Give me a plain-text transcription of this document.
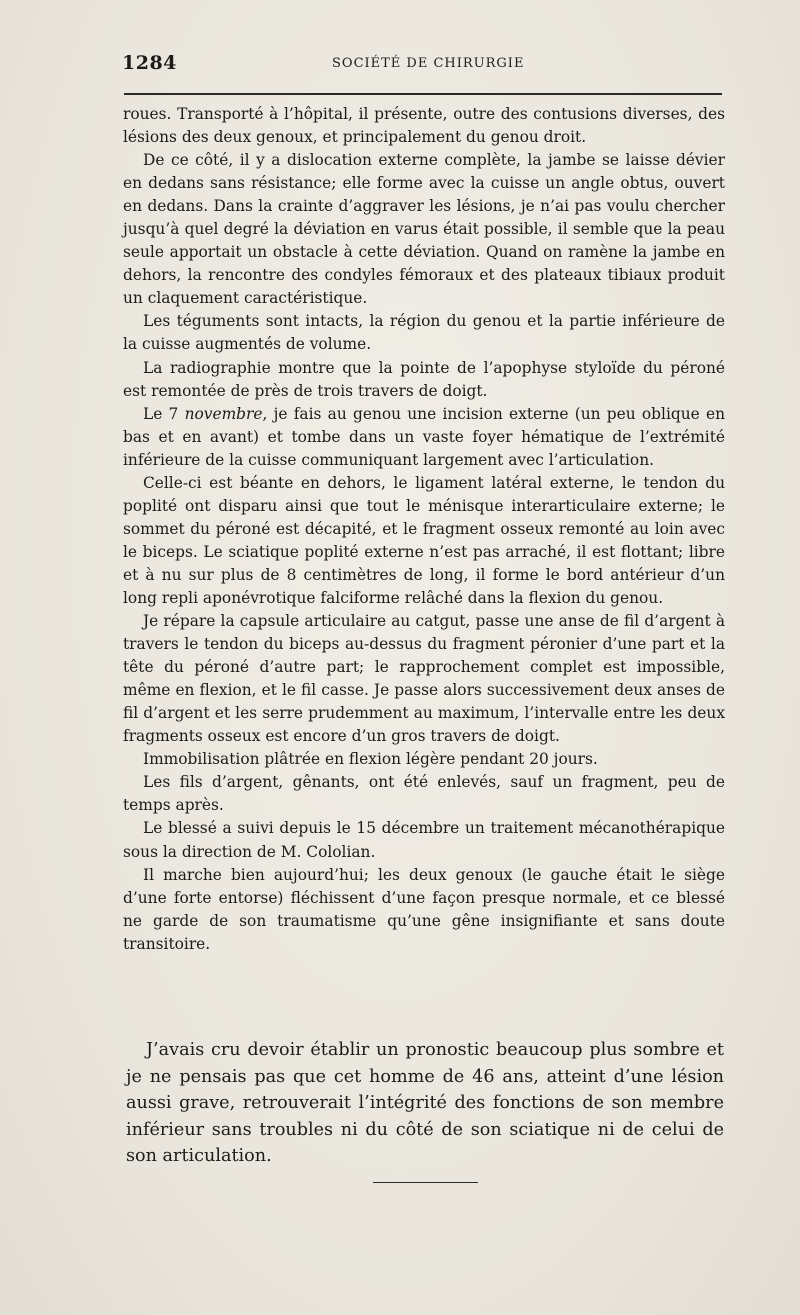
1284	SOCIÉTÉ DE CHIRURGIE

roues. Transporté à l’hôpital, il présente, outre des contusions diverses, des lésions des deux genoux, et principalement du genou droit.

De ce côté, il y a dislocation externe complète, la jambe se laisse dévier en dedans sans résistance; elle forme avec la cuisse un angle obtus, ouvert en dedans. Dans la crainte d’aggraver les lésions, je n’ai pas voulu chercher jusqu’à quel degré la déviation en varus était possible, il semble que la peau seule apportait un obstacle à cette déviation. Quand on ramène la jambe en dehors, la rencontre des condyles fémoraux et des plateaux tibiaux produit un claquement caractéristique.

Les téguments sont intacts, la région du genou et la partie inférieure de la cuisse augmentés de volume.

La radiographie montre que la pointe de l’apophyse styloïde du péroné est remontée de près de trois travers de doigt.

Le 7 novembre, je fais au genou une incision externe (un peu oblique en bas et en avant) et tombe dans un vaste foyer hématique de l’extrémité inférieure de la cuisse communiquant largement avec l’articulation.

Celle-ci est béante en dehors, le ligament latéral externe, le tendon du poplité ont disparu ainsi que tout le ménisque interarticulaire externe; le sommet du péroné est décapité, et le fragment osseux remonté au loin avec le biceps. Le sciatique poplité externe n’est pas arraché, il est flottant; libre et à nu sur plus de 8 centimètres de long, il forme le bord antérieur d’un long repli aponévrotique falciforme relâché dans la flexion du genou.

Je répare la capsule articulaire au catgut, passe une anse de fil d’argent à travers le tendon du biceps au-dessus du fragment péronier d’une part et la tête du péroné d’autre part; le rapprochement complet est impossible, même en flexion, et le fil casse. Je passe alors successivement deux anses de fil d’argent et les serre prudemment au maximum, l’intervalle entre les deux fragments osseux est encore d’un gros travers de doigt.

Immobilisation plâtrée en flexion légère pendant 20 jours.

Les fils d’argent, gênants, ont été enlevés, sauf un fragment, peu de temps après.

Le blessé a suivi depuis le 15 décembre un traitement mécanothérapique sous la direction de M. Cololian.

Il marche bien aujourd’hui; les deux genoux (le gauche était le siège d’une forte entorse) fléchissent d’une façon presque normale, et ce blessé ne garde de son traumatisme qu’une gêne insignifiante et sans doute transitoire.

J’avais cru devoir établir un pronostic beaucoup plus sombre et je ne pensais pas que cet homme de 46 ans, atteint d’une lésion aussi grave, retrouverait l’intégrité des fonctions de son membre inférieur sans troubles ni du côté de son sciatique ni de celui de son articulation.
